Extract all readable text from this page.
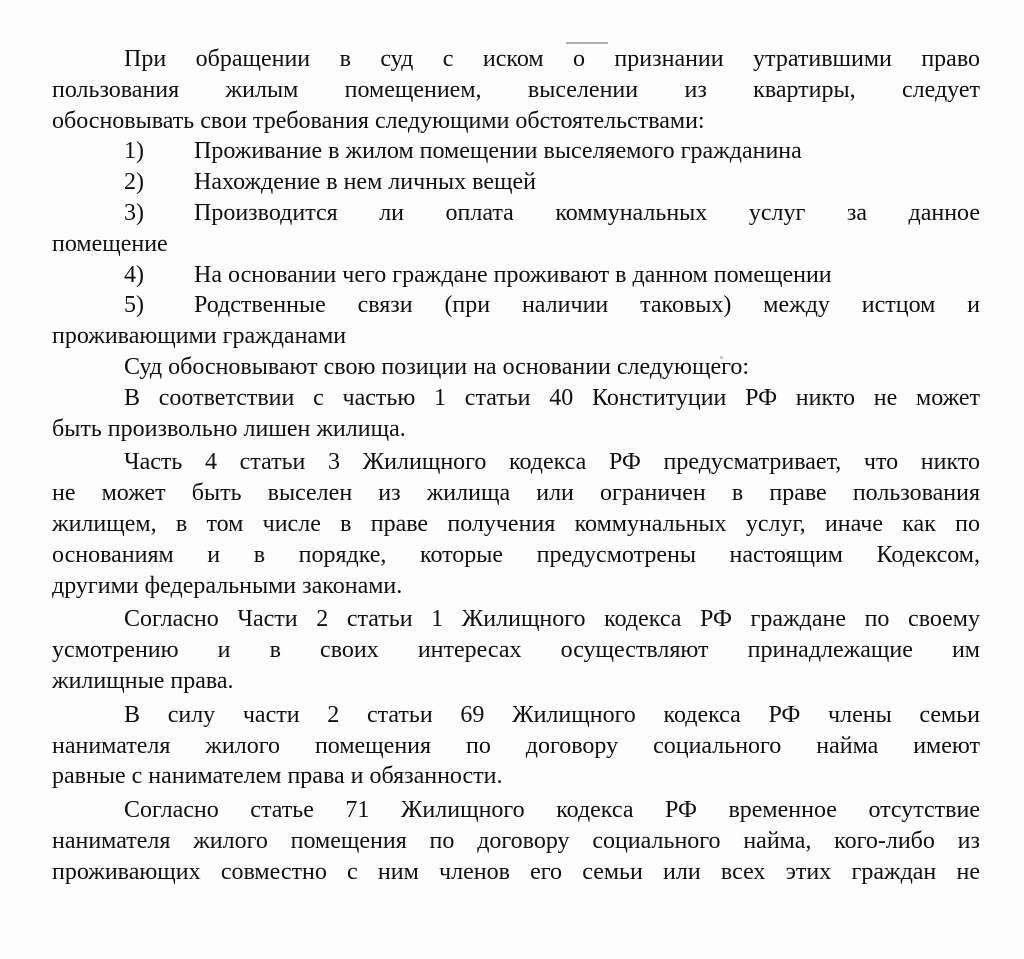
При обращении в суд с иском о признании утратившими право
пользования жилым помещением, выселении из квартиры, следует
обосновывать свои требования следующими обстоятельствами:
1)	Проживание в жилом помещении выселяемого гражданина
2)	Нахождение в нем личных вещей
3)	Производится ли оплата коммунальных услуг за данное
помещение
4)	На основании чего граждане проживают в данном помещении
5)	Родственные связи (при наличии таковых) между истцом и
проживающими гражданами
Суд обосновывают свою позиции на основании следующего:
В соответствии с частью 1 статьи 40 Конституции РФ никто не может
быть произвольно лишен жилища.
Часть 4 статьи 3 Жилищного кодекса РФ предусматривает, что никто
не может быть выселен из жилища или ограничен в праве пользования
жилищем, в том числе в праве получения коммунальных услуг, иначе как по
основаниям и в порядке, которые предусмотрены настоящим Кодексом,
другими федеральными законами.
Согласно Части 2 статьи 1 Жилищного кодекса РФ граждане по своему
усмотрению и в своих интересах осуществляют принадлежащие им
жилищные права.
В силу части 2 статьи 69 Жилищного кодекса РФ члены семьи
нанимателя жилого помещения по договору социального найма имеют
равные с нанимателем права и обязанности.
Согласно статье 71 Жилищного кодекса РФ временное отсутствие
нанимателя жилого помещения по договору социального найма, кого-либо из
проживающих совместно с ним членов его семьи или всех этих граждан не
